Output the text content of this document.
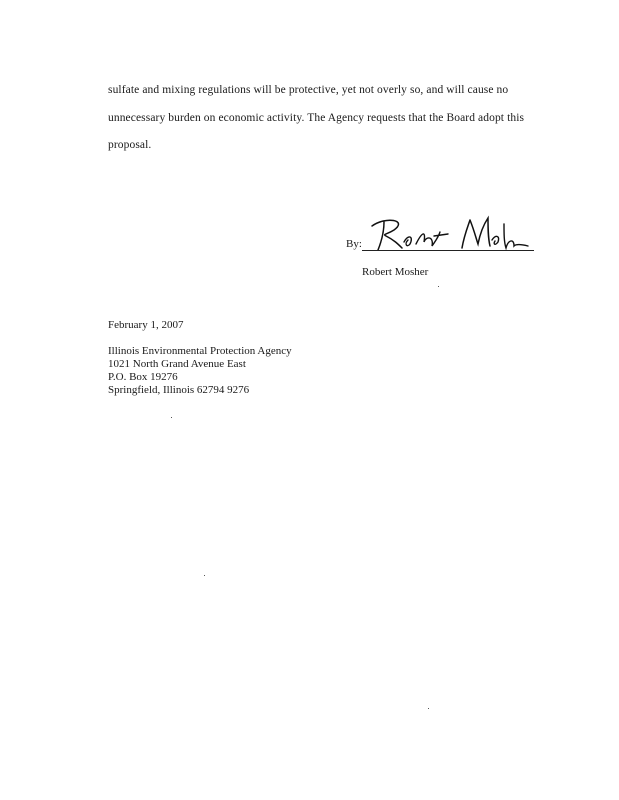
sulfate and mixing regulations will be protective, yet not overly so, and will cause no
unnecessary burden on economic activity. The Agency requests that the Board adopt this
proposal.
By:
Robert Mosher
February 1, 2007
Illinois Environmental Protection Agency
1021 North Grand Avenue East
P.O. Box 19276
Springfield, Illinois 62794 9276
